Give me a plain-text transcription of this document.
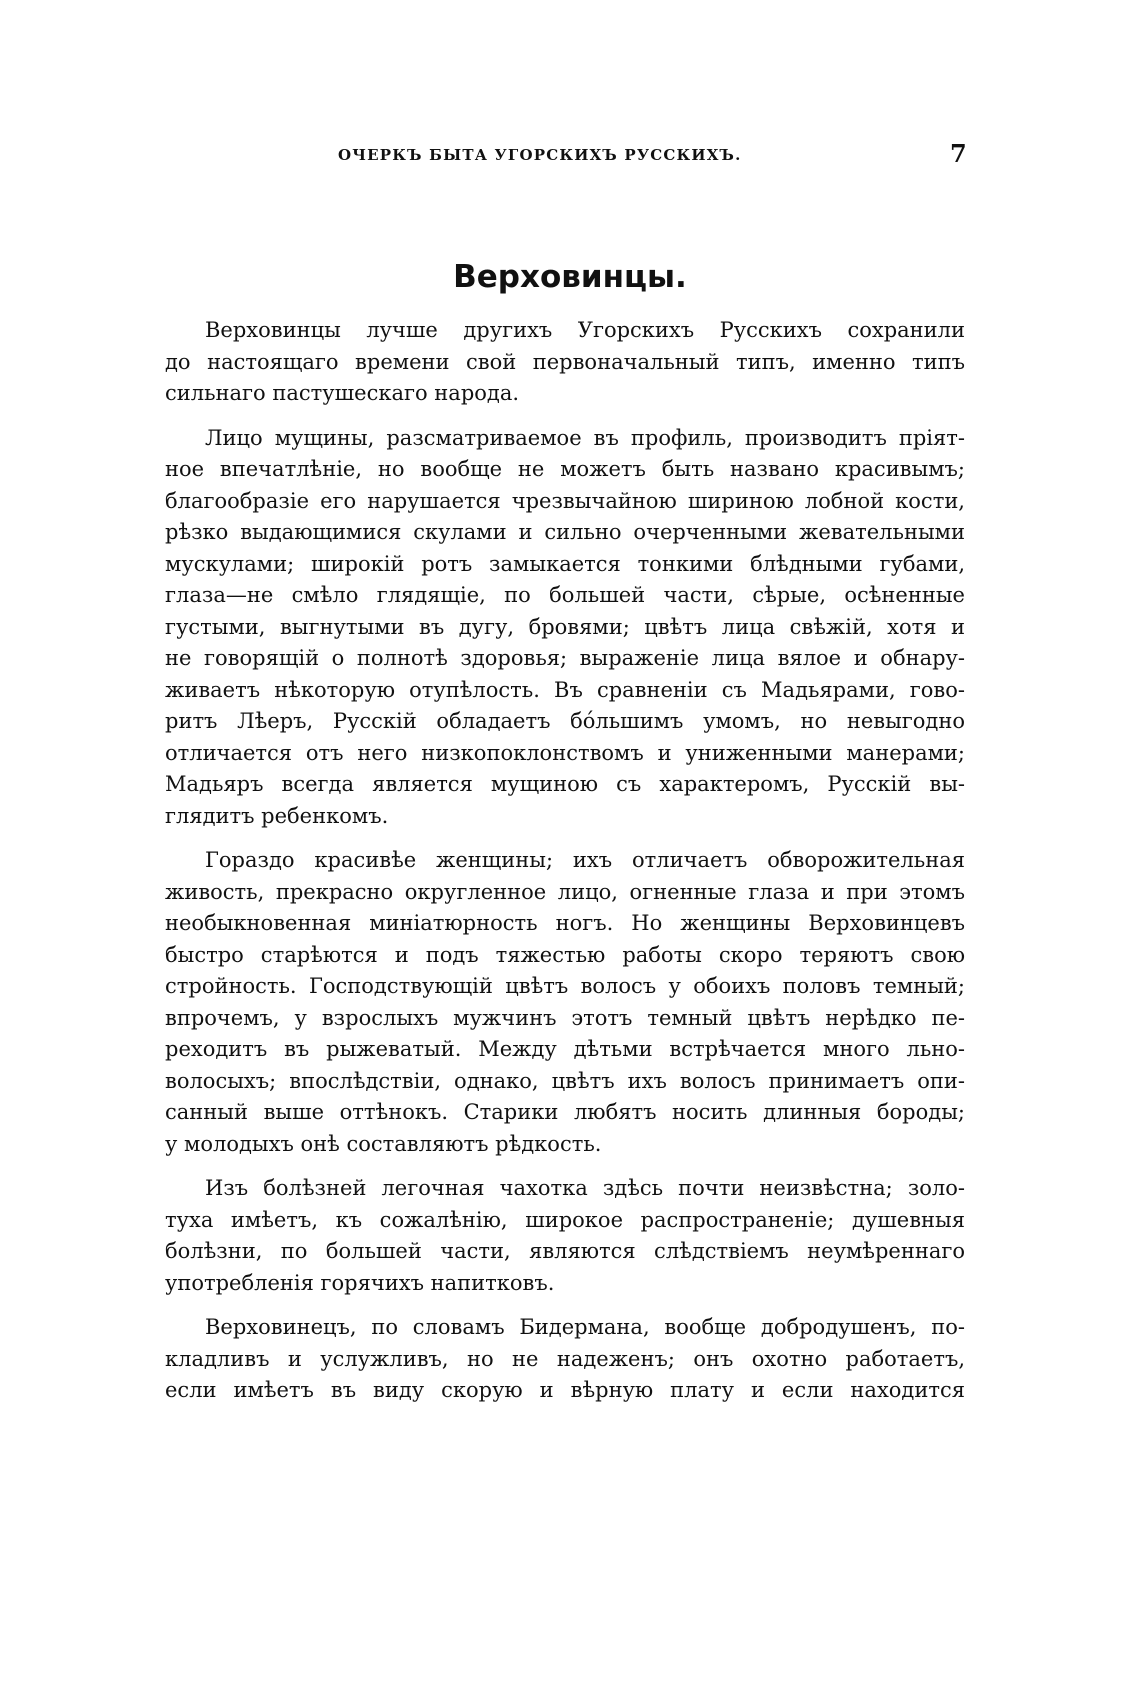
ОЧЕРКЪ БЫТА УГОРСКИХЪ РУССКИХЪ.	7
Верховинцы.
Верховинцы лучше другихъ Угорскихъ Русскихъ сохранили
до настоящаго времени свой первоначальный типъ, именно типъ
сильнаго пастушескаго народа.
Лицо мущины, разсматриваемое въ профиль, производитъ пріят-
ное впечатлѣніе, но вообще не можетъ быть названо красивымъ;
благообразіе его нарушается чрезвычайною шириною лобной кости,
рѣзко выдающимися скулами и сильно очерченными жевательными
мускулами; широкій ротъ замыкается тонкими блѣдными губами,
глаза—не смѣло глядящіе, по большей части, сѣрые, осѣненные
густыми, выгнутыми въ дугу, бровями; цвѣтъ лица свѣжій, хотя и
не говорящій о полнотѣ здоровья; выраженіе лица вялое и обнару-
живаетъ нѣкоторую отупѣлость. Въ сравненіи съ Мадьярами, гово-
ритъ Лѣеръ, Русскій обладаетъ бо́льшимъ умомъ, но невыгодно
отличается отъ него низкопоклонствомъ и униженными манерами;
Мадьяръ всегда является мущиною съ характеромъ, Русскій вы-
глядитъ ребенкомъ.
Гораздо красивѣе женщины; ихъ отличаетъ обворожительная
живость, прекрасно округленное лицо, огненные глаза и при этомъ
необыкновенная миніатюрность ногъ. Но женщины Верховинцевъ
быстро старѣются и подъ тяжестью работы скоро теряютъ свою
стройность. Господствующій цвѣтъ волосъ у обоихъ половъ темный;
впрочемъ, у взрослыхъ мужчинъ этотъ темный цвѣтъ нерѣдко пе-
реходитъ въ рыжеватый. Между дѣтьми встрѣчается много льно-
волосыхъ; впослѣдствіи, однако, цвѣтъ ихъ волосъ принимаетъ опи-
санный выше оттѣнокъ. Старики любятъ носить длинныя бороды;
у молодыхъ онѣ составляютъ рѣдкость.
Изъ болѣзней легочная чахотка здѣсь почти неизвѣстна; золо-
туха имѣетъ, къ сожалѣнію, широкое распространеніе; душевныя
болѣзни, по большей части, являются слѣдствіемъ неумѣреннаго
употребленія горячихъ напитковъ.
Верховинецъ, по словамъ Бидермана, вообще добродушенъ, по-
кладливъ и услужливъ, но не надеженъ; онъ охотно работаетъ,
если имѣетъ въ виду скорую и вѣрную плату и если находится
